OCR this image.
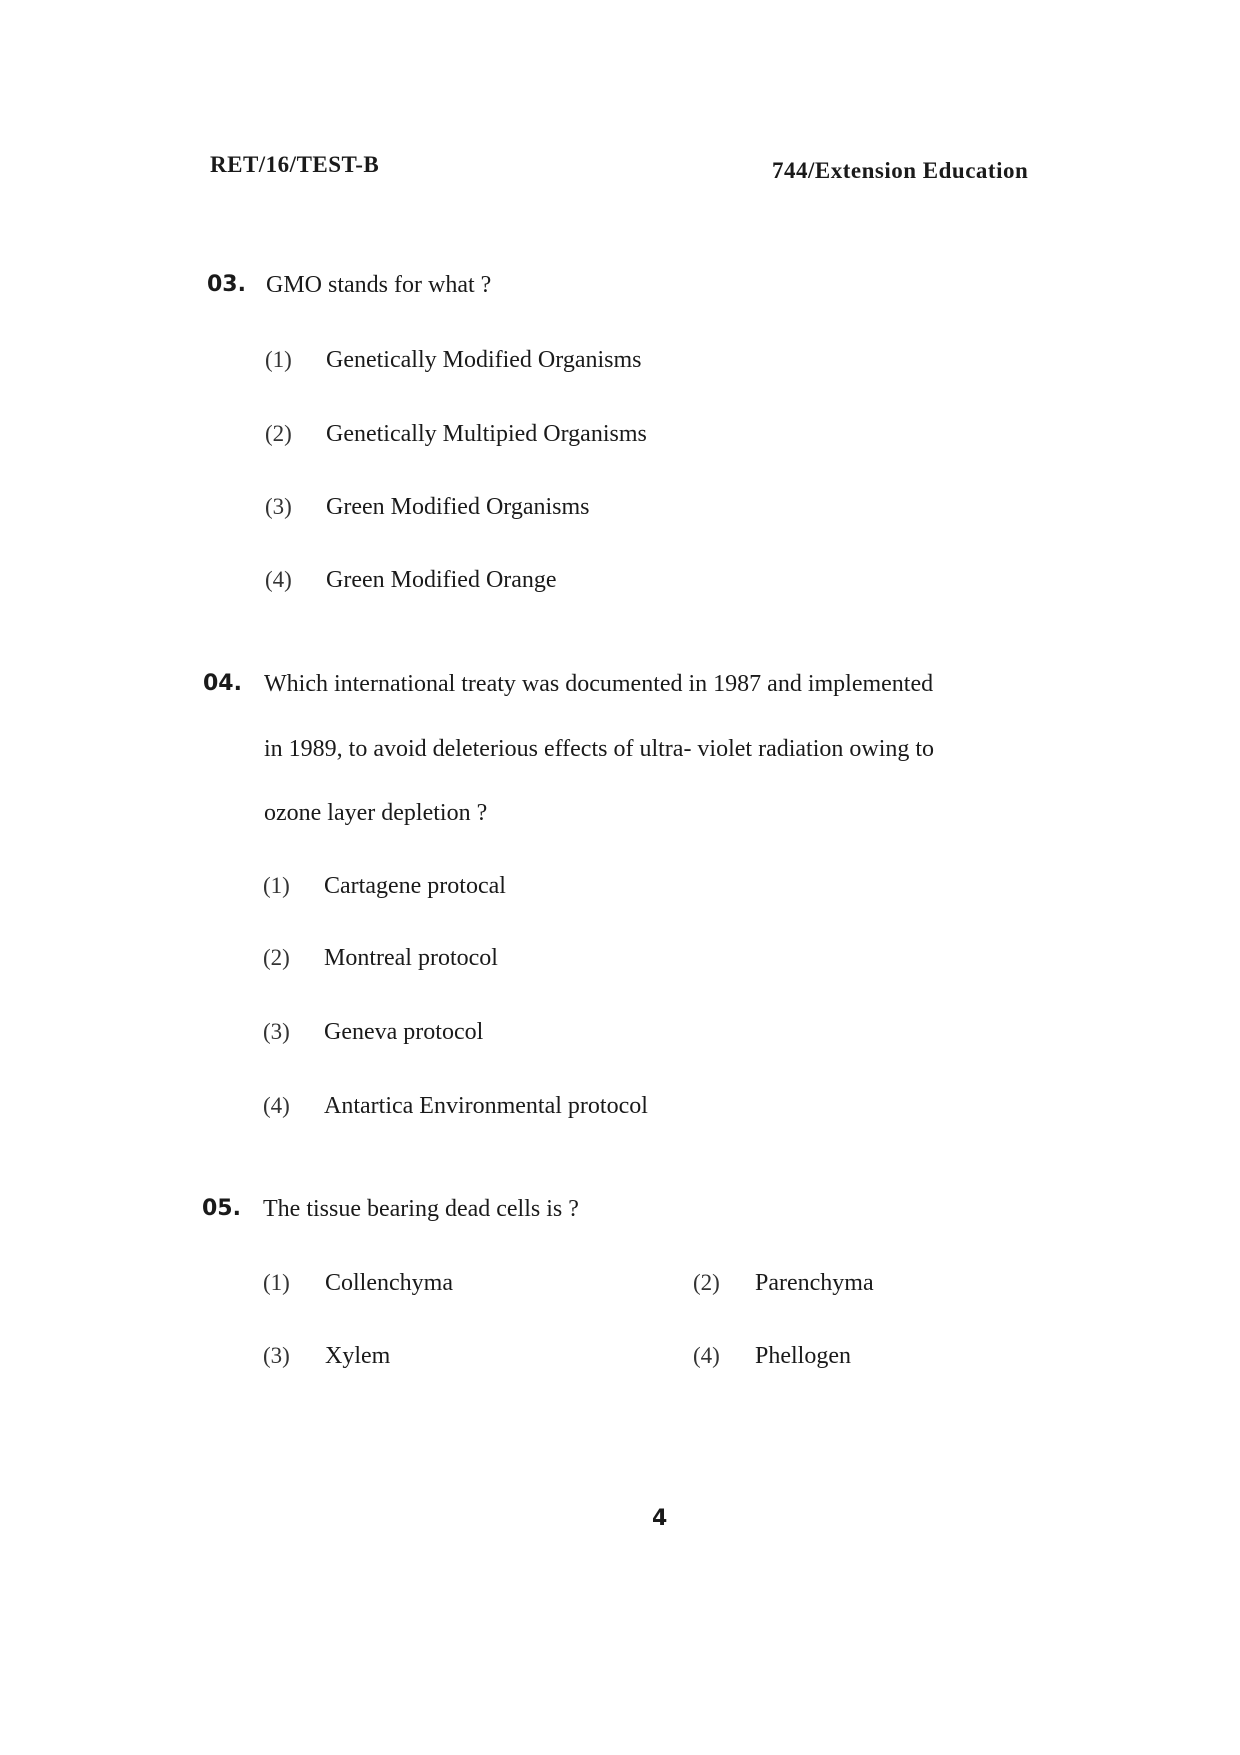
RET/16/TEST-B	744/Extension Education
03. GMO stands for what ?
(1) Genetically Modified Organisms
(2) Genetically Multipied Organisms
(3) Green Modified Organisms
(4) Green Modified Orange
04. Which international treaty was documented in 1987 and implemented
in 1989, to avoid deleterious effects of ultra- violet radiation owing to
ozone layer depletion ?
(1) Cartagene protocal
(2) Montreal protocol
(3) Geneva protocol
(4) Antartica Environmental protocol
05. The tissue bearing dead cells is ?
(1) Collenchyma	(2) Parenchyma
(3) Xylem	(4) Phellogen
4
